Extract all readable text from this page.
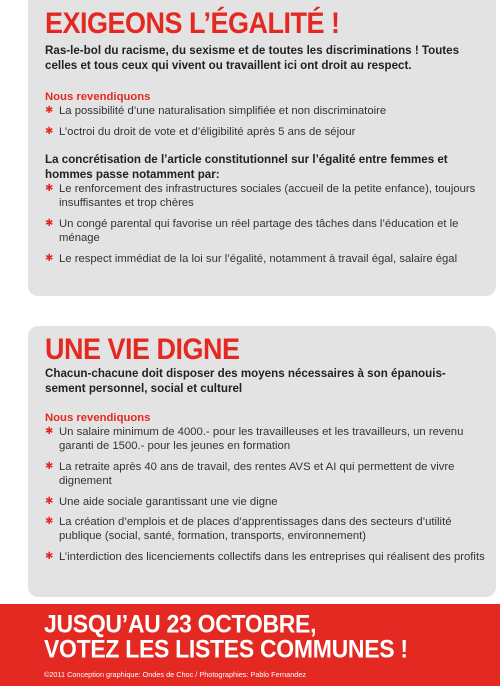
EXIGEONS L’ÉGALITÉ !
Ras-le-bol du racisme, du sexisme et de toutes les discriminations ! Toutes celles et tous ceux qui vivent ou travaillent ici ont droit au respect.
Nous revendiquons
✱ La possibilité d’une naturalisation simplifiée et non discriminatoire
✱ L’octroi du droit de vote et d’éligibilité après 5 ans de séjour
La concrétisation de l’article constitutionnel sur l’égalité entre femmes et hommes passe notamment par:
✱ Le renforcement des infrastructures sociales (accueil de la petite enfance), toujours insuffisantes et trop chères
✱ Un congé parental qui favorise un réel partage des tâches dans l’éducation et le ménage
✱ Le respect immédiat de la loi sur l’égalité, notamment à travail égal, salaire égal
UNE VIE DIGNE
Chacun-chacune doit disposer des moyens nécessaires à son épanouis-sement personnel, social et culturel
Nous revendiquons
✱ Un salaire minimum de 4000.- pour les travailleuses et les travailleurs, un revenu garanti de 1500.- pour les jeunes en formation
✱ La retraite après 40 ans de travail, des rentes AVS et AI qui permettent de vivre dignement
✱ Une aide sociale garantissant une vie digne
✱ La création d’emplois et de places d’apprentissages dans des secteurs d’utilité publique (social, santé, formation, transports, environnement)
✱ L’interdiction des licenciements collectifs dans les entreprises qui réalisent des profits
JUSQU’AU 23 OCTOBRE,
VOTEZ LES LISTES COMMUNES !
©2011 Conception graphique: Ondes de Choc / Photographies: Pablo Fernandez
